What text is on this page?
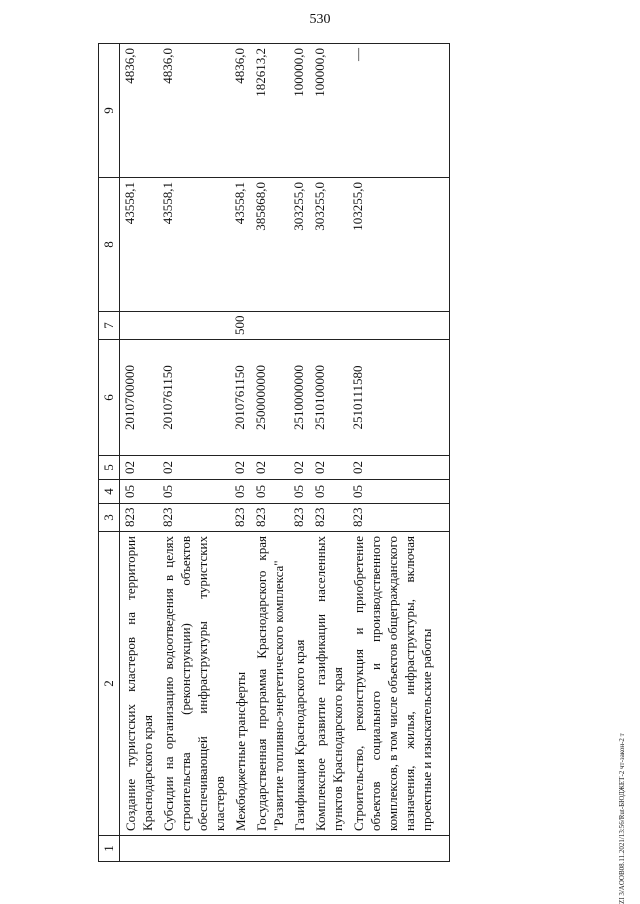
530
ZI 3/AOOB08.11.2021/13:56/Rut-БЮДЖЕТ-2 чт-закон-2 т
1	2	3	4	5	6	7	8	9
	Создание туристских кластеров на территории Краснодарского края	823	05	02	2010700000		43558,1	4836,0
	Субсидии на организацию водоотведения в целях строительства (реконструкции) объектов обеспечивающей инфраструктуры туристских кластеров	823	05	02	2010761150		43558,1	4836,0
	Межбюджетные трансферты	823	05	02	2010761150	500	43558,1	4836,0
	Государственная программа Краснодарского края "Развитие топливно-энергетического комплекса"	823	05	02	2500000000		385868,0	182613,2
	Газификация Краснодарского края	823	05	02	2510000000		303255,0	100000,0
	Комплексное развитие газификации населенных пунктов Краснодарского края	823	05	02	2510100000		303255,0	100000,0
	Строительство, реконструкция и приобретение объектов социального и производственного комплексов, в том числе объектов общегражданского назначения, жилья, инфраструктуры, включая проектные и изыскательские работы	823	05	02	2510111580		103255,0	—
